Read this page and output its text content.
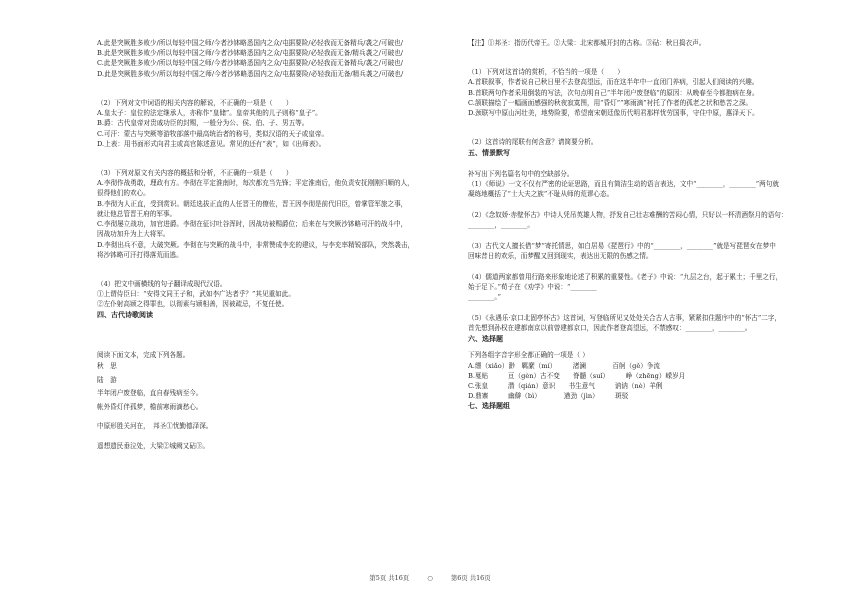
A.此是突厥胜多败少/所以每轻中国之师/今者沙钵略悉国内之众/屯据要险/必轻我而无备精兵/袭之/可破也/
B.此是突厥胜多败少/所以每轻中国之师/今者沙钵略悉国内之众/屯据要险/必轻我而无备/精兵袭之/可破也/
C.此是突厥胜多败少/所以每轻中国之师/今者沙钵略悉国内之众/屯据要险/必轻我而无备精兵/袭之/可破也/
D.此是突厥胜多败少/所以每轻中国之师/今者沙钵略悉国内之众/屯据要险/必轻我而无备/精兵袭之/可破也/
（2）下列对文中词语的相关内容的解说，不正确的一项是（　　）
A.皇太子：皇位的法定继承人，亦称作“皇储”。皇帝其他的儿子则称“皇子”。
B.爵：古代皇帝对贵戚功臣的封赐，一般分为公、侯、伯、子、男五等。
C.可汗：蒙古与突厥等游牧部落中最高统治者的称号，类似汉语的天子或皇帝。
D.上表：用书面形式向君主或高官陈述意见。常见的还有“表”，如《出师表》。
（3）下列对原文有关内容的概括和分析，不正确的一项是（　　）
A.李彻作战勇敢，理政有方。李彻在平定淮南时，每次都充当先锋；平定淮南后，他负责安抚刚刚归顺的人，
很得他们的欢心。
B.李彻为人正直，受到赏识。朝廷选拔正直的人任晋王的僚佐，晋王因李彻是前代旧臣，曾掌管军旅之事，
就让他总管晋王府的军事。
C.李彻屡立战功，加官进爵。李彻在征讨吐谷浑时，因战功被赐爵位；后来在与突厥沙钵略可汗的战斗中，
因战功加升为上大将军。
D.李彻出兵不意，大破突厥。李彻在与突厥的战斗中，非常赞成李充的建议，与李充率精锐部队，突然袭击，
将沙钵略可汗打得落荒而逃。
（4）把文中画横线的句子翻译成现代汉语。
①上谓侍臣曰：“安得文同王子和，武如李广达者乎？”其见重如此。
②左仆射高颎之得罪也，以彻素与颎相善，因被疏忌，不复任使。
四、古代诗歌阅读
阅读下面文本，完成下列各题。
秋　思
陆　游
半年闭户废登临，直自春残病至今。
帐外昏灯伴孤梦，檐前寒雨滴愁心。
中原形胜关河在，　邦圣①忧勤德泽深。
遥想遗民垂泣处，大梁②城阙又砧③。
【注】①邦圣：指历代帝王。②大梁：北宋都城开封的古称。③砧：秋日捣衣声。
（1）下列对这首诗的赏析，不恰当的一项是（　　）
A.首联叙事，作者说自己秋日里不去登高望远，而在这半年中一直闭门养病，引起人们阅读的兴趣。
B.首联两句作者采用倒装的写法，次句点明自己“半年闭户废登临”的原因：从晚春至今都抱病在身。
C.颔联描绘了一幅画面感强的秋夜寂寞图，用“昏灯”“寒雨滴”衬托了作者的孤老之状和愁苦之深。
D.颈联写中原山河壮美，地势险要，希望南宋朝廷像历代明君那样忧劳国事，守住中原，惠泽天下。
（2）这首诗的尾联有何含意？请简要分析。
五、情景默写
补写出下列名篇名句中的空缺部分。
（1）《师说》一文不仅有严密的论证思路，而且有简洁生动的语言表达，文中“________，________”两句就
凝练地概括了“士大夫之族”不耻从师的荒谬心态。
（2）《念奴娇·赤壁怀古》中诗人凭吊英雄人物，抒发自己壮志难酬的苦闷心情，只好以一杯清酒祭月的语句：
________，________。
（3）古代文人擅长借“梦”寄托情思，如白居易《琵琶行》中的“________，________”就是写琵琶女在梦中
回味昔日的欢乐，而梦醒又回到现实，表达出无限的伤感之情。
（4）儒道两家都曾用行路来形象地论述了积累的重要性。《老子》中说：“九层之台，起于累土；千里之行，
始于足下。”荀子在《劝学》中说：“________
________。”
（5）《永遇乐·京口北固亭怀古》这首词，写登临所见又处处关合古人古事，紧紧扣住题序中的“怀古”二字，
首先想到孙权在建都南京以前曾建都京口，因此作者登高望远，不禁感叹：________，________。
六、选择题
下列各组字音字形全都正确的一项是（ ）
A.缥（xiǎo）渺　羁縻（mí）　　　渚澜　　　　百舸（gě）争流
B.戛贴　　　亘（gèn）古不变　　脊髓（suǐ）　　　峥（zhēng）嵘岁月
C.张皇　　　潜（qián）意识　　书生意气　　　讷讷（nè）羊俐
D.鼎寨　　　幽僻（bì）　　　　遒劲（jìn）　　　斑驳
七、选择题组
第5页 共16页	○	第6页 共16页
